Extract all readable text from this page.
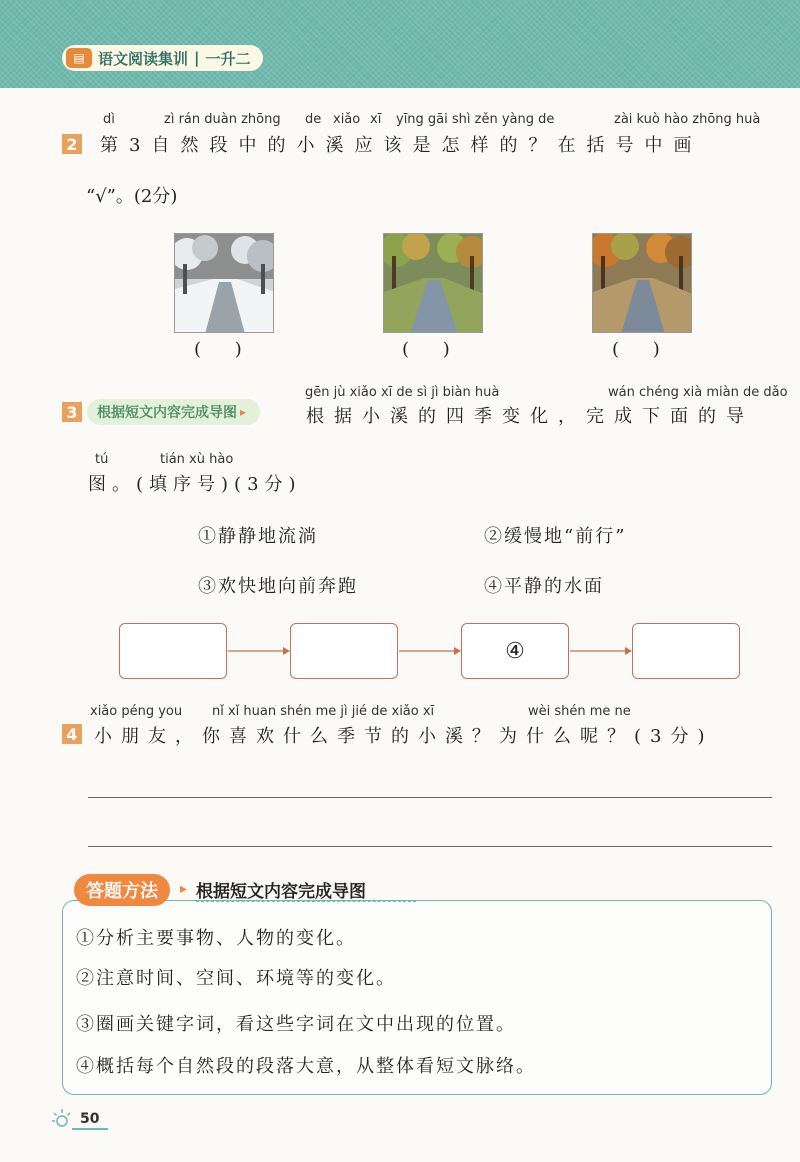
▤ 语文阅读集训 | 一升二
2
dì	zì rán duàn zhōng de xiǎo xī yīng gāi shì zěn yàng de	zài kuò hào zhōng huà
第3自然段中的小溪应该是怎样的？在括号中画
“√”。(2分)
( )	( )	( )
gēn jù xiǎo xī de sì jì biàn huà	wán chéng xià miàn de dǎo
3	根据短文内容完成导图 ▸	根据小溪的四季变化，完成下面的导
tú	tián xù hào
图。(填序号)(3分)
①静静地流淌	②缓慢地“前行”
③欢快地向前奔跑	④平静的水面
④
xiǎo péng you nǐ xǐ huan shén me jì jié de xiǎo xī	wèi shén me ne
4 小朋友，你喜欢什么季节的小溪？为什么呢？(3分)
答题方法	▸ 根据短文内容完成导图
①分析主要事物、人物的变化。
②注意时间、空间、环境等的变化。
③圈画关键字词，看这些字词在文中出现的位置。
④概括每个自然段的段落大意，从整体看短文脉络。
50
